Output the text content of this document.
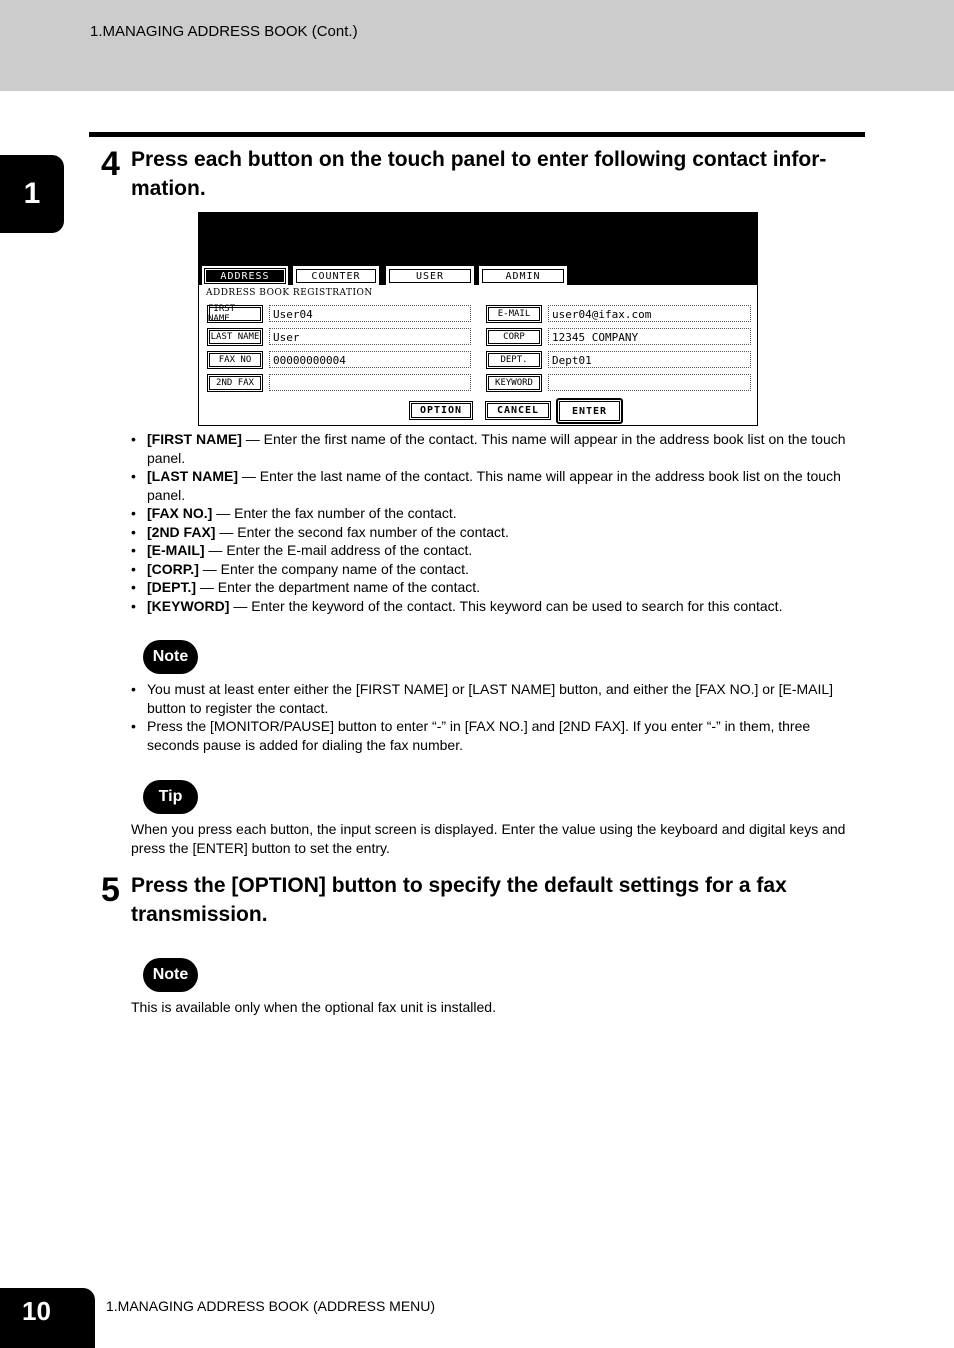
1.MANAGING ADDRESS BOOK (Cont.)
1
4 Press each button on the touch panel to enter following contact infor-mation.
ADDRESS	COUNTER	USER	ADMIN
ADDRESS BOOK REGISTRATION
FIRST NAME	User04
LAST NAME	User
FAX NO	00000000004
2ND FAX
E-MAIL	user04@ifax.com
CORP	12345 COMPANY
DEPT.	Dept01
KEYWORD
OPTION	CANCEL	ENTER
• [FIRST NAME] — Enter the first name of the contact. This name will appear in the address book list on the touch panel.
• [LAST NAME] — Enter the last name of the contact. This name will appear in the address book list on the touch panel.
• [FAX NO.] — Enter the fax number of the contact.
• [2ND FAX] — Enter the second fax number of the contact.
• [E-MAIL] — Enter the E-mail address of the contact.
• [CORP.] — Enter the company name of the contact.
• [DEPT.] — Enter the department name of the contact.
• [KEYWORD] — Enter the keyword of the contact. This keyword can be used to search for this contact.
Note
• You must at least enter either the [FIRST NAME] or [LAST NAME] button, and either the [FAX NO.] or [E-MAIL] button to register the contact.
• Press the [MONITOR/PAUSE] button to enter “-” in [FAX NO.] and [2ND FAX]. If you enter “-” in them, three seconds pause is added for dialing the fax number.
Tip
When you press each button, the input screen is displayed. Enter the value using the keyboard and digital keys and press the [ENTER] button to set the entry.
5 Press the [OPTION] button to specify the default settings for a fax transmission.
Note
This is available only when the optional fax unit is installed.
10	1.MANAGING ADDRESS BOOK (ADDRESS MENU)
